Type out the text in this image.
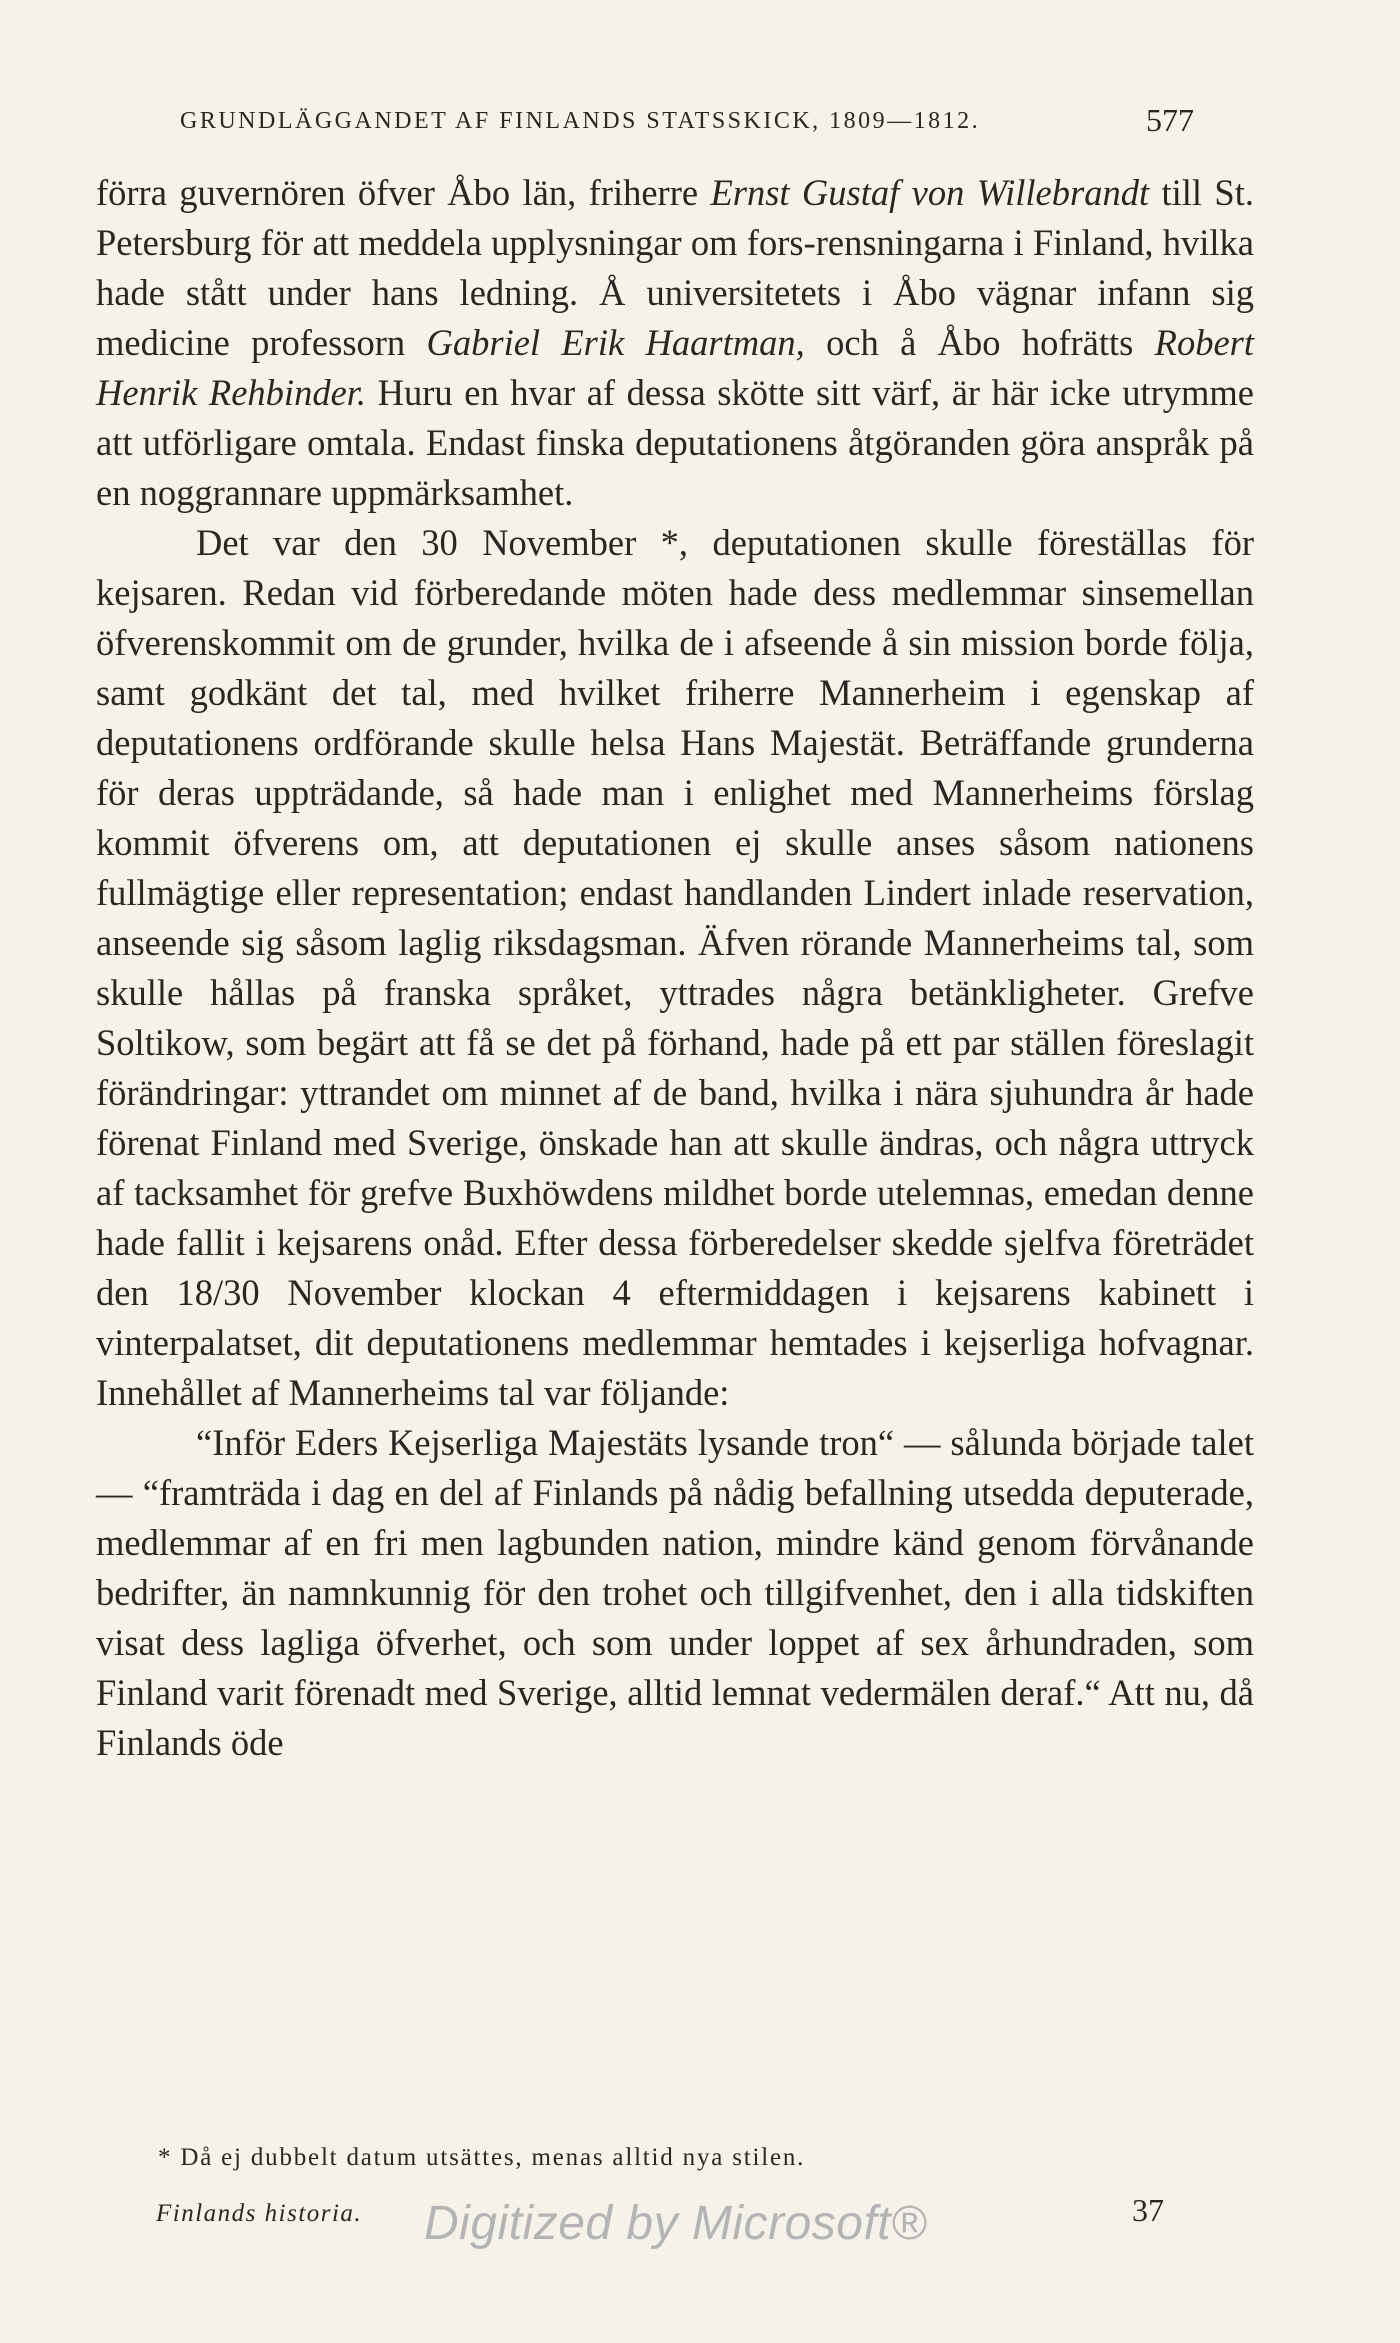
GRUNDLÄGGANDET AF FINLANDS STATSSKICK, 1809—1812.	577

förra guvernören öfver Åbo län, friherre Ernst Gustaf von Willebrandt till St. Petersburg för att meddela upplysningar om fors-rensningarna i Finland, hvilka hade stått under hans ledning. Å universitetets i Åbo vägnar infann sig medicine professorn Gabriel Erik Haartman, och å Åbo hofrätts Robert Henrik Rehbinder. Huru en hvar af dessa skötte sitt värf, är här icke utrymme att utförligare omtala. Endast finska deputationens åtgöranden göra anspråk på en noggrannare uppmärksamhet.

Det var den 30 November *, deputationen skulle föreställas för kejsaren. Redan vid förberedande möten hade dess medlemmar sinsemellan öfverenskommit om de grunder, hvilka de i afseende å sin mission borde följa, samt godkänt det tal, med hvilket friherre Mannerheim i egenskap af deputationens ordförande skulle helsa Hans Majestät. Beträffande grunderna för deras uppträdande, så hade man i enlighet med Mannerheims förslag kommit öfverens om, att deputationen ej skulle anses såsom nationens fullmägtige eller representation; endast handlanden Lindert inlade reservation, anseende sig såsom laglig riksdagsman. Äfven rörande Mannerheims tal, som skulle hållas på franska språket, yttrades några betänkligheter. Grefve Soltikow, som begärt att få se det på förhand, hade på ett par ställen föreslagit förändringar: yttrandet om minnet af de band, hvilka i nära sjuhundra år hade förenat Finland med Sverige, önskade han att skulle ändras, och några uttryck af tacksamhet för grefve Buxhöwdens mildhet borde utelemnas, emedan denne hade fallit i kejsarens onåd. Efter dessa förberedelser skedde sjelfva företrädet den 18/30 November klockan 4 eftermiddagen i kejsarens kabinett i vinterpalatset, dit deputationens medlemmar hemtades i kejserliga hofvagnar. Innehållet af Mannerheims tal var följande:

“Inför Eders Kejserliga Majestäts lysande tron“ — sålunda började talet — “framträda i dag en del af Finlands på nådig befallning utsedda deputerade, medlemmar af en fri men lagbunden nation, mindre känd genom förvånande bedrifter, än namnkunnig för den trohet och tillgifvenhet, den i alla tidskiften visat dess lagliga öfverhet, och som under loppet af sex århundraden, som Finland varit förenadt med Sverige, alltid lemnat vedermälen deraf.“ Att nu, då Finlands öde

* Då ej dubbelt datum utsättes, menas alltid nya stilen.
Finlands historia. Digitized by Microsoft®	37
